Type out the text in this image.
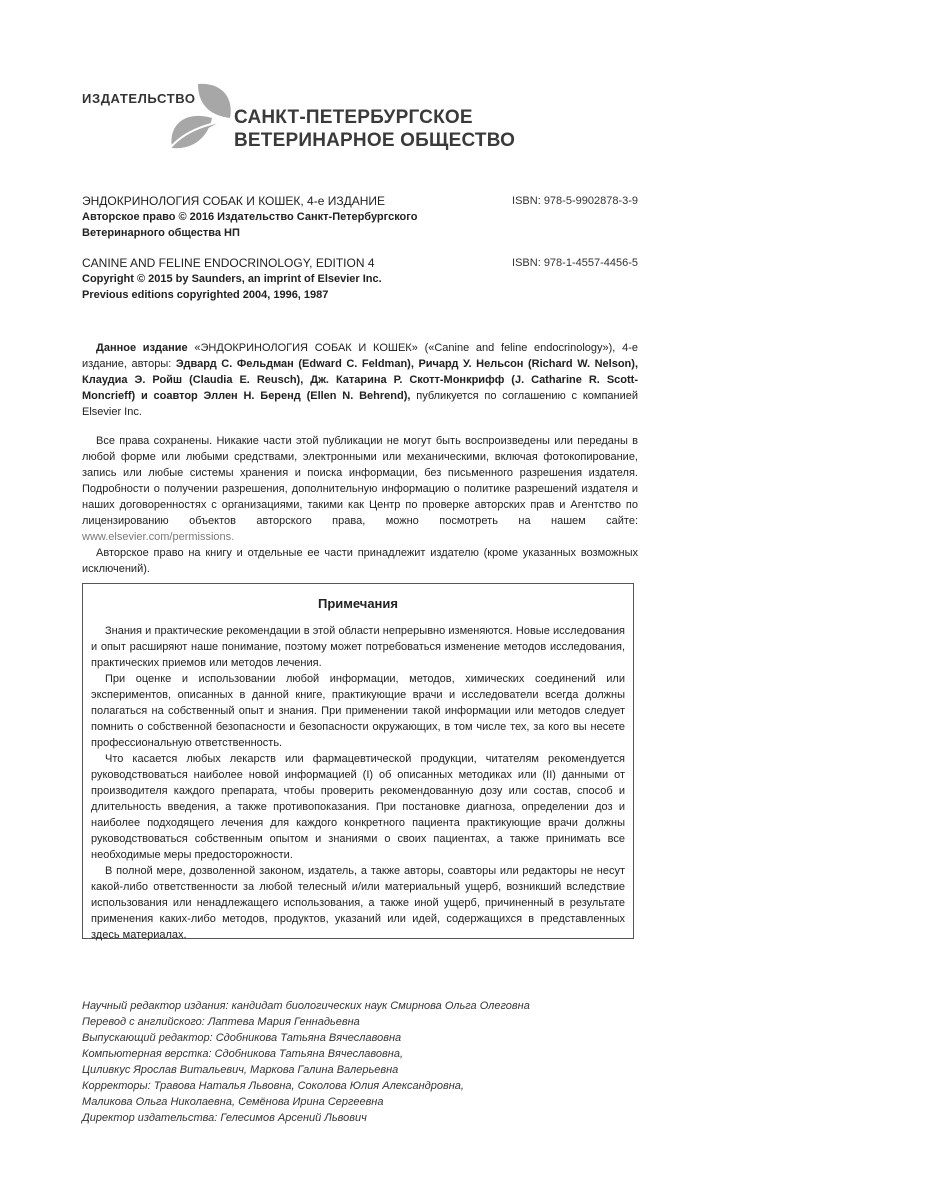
ИЗДАТЕЛЬСТВО
САНКТ-ПЕТЕРБУРГСКОЕ
ВЕТЕРИНАРНОЕ ОБЩЕСТВО
ЭНДОКРИНОЛОГИЯ СОБАК И КОШЕК, 4-е ИЗДАНИЕ	ISBN: 978-5-9902878-3-9
Авторское право © 2016 Издательство Санкт-Петербургского
Ветеринарного общества НП
CANINE AND FELINE ENDOCRINOLOGY, EDITION 4	ISBN: 978-1-4557-4456-5
Copyright © 2015 by Saunders, an imprint of Elsevier Inc.
Previous editions copyrighted 2004, 1996, 1987

Данное издание «ЭНДОКРИНОЛОГИЯ СОБАК И КОШЕК» («Canine and feline endocrinology»), 4-е издание, авторы: Эдвард С. Фельдман (Edward C. Feldman), Ричард У. Нельсон (Richard W. Nelson), Клаудиа Э. Ройш (Claudia E. Reusch), Дж. Катарина Р. Скотт-Монкрифф (J. Catharine R. Scott-Moncrieff) и соавтор Эллен Н. Беренд (Ellen N. Behrend), публикуется по соглашению с компанией Elsevier Inc.

Все права сохранены. Никакие части этой публикации не могут быть воспроизведены или переданы в любой форме или любыми средствами, электронными или механическими, включая фотокопирование, запись или любые системы хранения и поиска информации, без письменного разрешения издателя. Подробности о получении разрешения, дополнительную информацию о политике разрешений издателя и наших договоренностях с организациями, такими как Центр по проверке авторских прав и Агентство по лицензированию объектов авторского права, можно посмотреть на нашем сайте: www.elsevier.com/permissions.

Авторское право на книгу и отдельные ее части принадлежит издателю (кроме указанных возможных исключений).

Примечания

Знания и практические рекомендации в этой области непрерывно изменяются. Новые исследования и опыт расширяют наше понимание, поэтому может потребоваться изменение методов исследования, практических приемов или методов лечения.

При оценке и использовании любой информации, методов, химических соединений или экспериментов, описанных в данной книге, практикующие врачи и исследователи всегда должны полагаться на собственный опыт и знания. При применении такой информации или методов следует помнить о собственной безопасности и безопасности окружающих, в том числе тех, за кого вы несете профессиональную ответственность.

Что касается любых лекарств или фармацевтической продукции, читателям рекомендуется руководствоваться наиболее новой информацией (I) об описанных методиках или (II) данными от производителя каждого препарата, чтобы проверить рекомендованную дозу или состав, способ и длительность введения, а также противопоказания. При постановке диагноза, определении доз и наиболее подходящего лечения для каждого конкретного пациента практикующие врачи должны руководствоваться собственным опытом и знаниями о своих пациентах, а также принимать все необходимые меры предосторожности.

В полной мере, дозволенной законом, издатель, а также авторы, соавторы или редакторы не несут какой-либо ответственности за любой телесный и/или материальный ущерб, возникший вследствие использования или ненадлежащего использования, а также иной ущерб, причиненный в результате применения каких-либо методов, продуктов, указаний или идей, содержащихся в представленных здесь материалах.

Научный редактор издания: кандидат биологических наук Смирнова Ольга Олеговна
Перевод с английского: Лаптева Мария Геннадьевна
Выпускающий редактор: Сдобникова Татьяна Вячеславовна
Компьютерная верстка: Сдобникова Татьяна Вячеславовна,
Циливкус Ярослав Витальевич, Маркова Галина Валерьевна
Корректоры: Травова Наталья Львовна, Соколова Юлия Александровна,
Маликова Ольга Николаевна, Семёнова Ирина Сергеевна
Директор издательства: Гелесимов Арсений Львович
